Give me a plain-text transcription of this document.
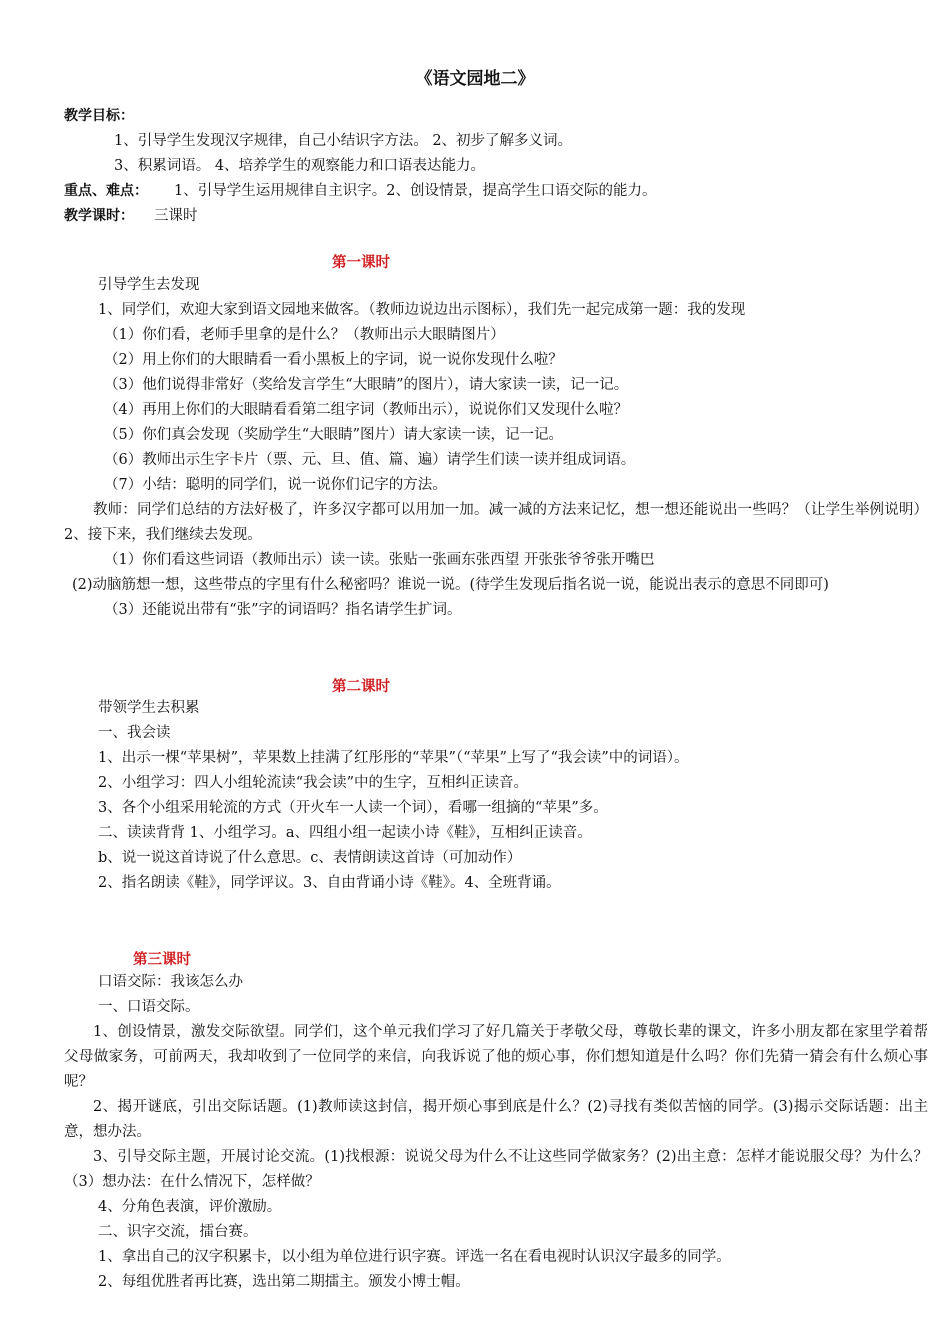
《语文园地二》
教学目标：
1、引导学生发现汉字规律，自己小结识字方法。 2、初步了解多义词。
3、积累词语。 4、培养学生的观察能力和口语表达能力。
重点、难点： 1、引导学生运用规律自主识字。2、创设情景，提高学生口语交际的能力。
教学课时： 三课时
第一课时
引导学生去发现
1、同学们，欢迎大家到语文园地来做客。（教师边说边出示图标），我们先一起完成第一题：我的发现
（1）你们看，老师手里拿的是什么？（教师出示大眼睛图片）
（2）用上你们的大眼睛看一看小黑板上的字词，说一说你发现什么啦？
（3）他们说得非常好（奖给发言学生“大眼睛”的图片），请大家读一读，记一记。
（4）再用上你们的大眼睛看看第二组字词（教师出示），说说你们又发现什么啦？
（5）你们真会发现（奖励学生“大眼睛”图片）请大家读一读，记一记。
（6）教师出示生字卡片（票、元、旦、值、篇、遍）请学生们读一读并组成词语。
（7）小结：聪明的同学们，说一说你们记字的方法。
教师：同学们总结的方法好极了，许多汉字都可以用加一加。减一减的方法来记忆，想一想还能说出一些吗？（让学生举例说明）2、接下来，我们继续去发现。
（1）你们看这些词语（教师出示）读一读。张贴一张画东张西望 开张张爷爷张开嘴巴
(2)动脑筋想一想，这些带点的字里有什么秘密吗？谁说一说。(待学生发现后指名说一说，能说出表示的意思不同即可)
（3）还能说出带有“张”字的词语吗？指名请学生扩词。
第二课时
带领学生去积累
一、我会读
1、出示一棵“苹果树”，苹果数上挂满了红彤彤的“苹果”（“苹果”上写了“我会读”中的词语）。
2、小组学习：四人小组轮流读“我会读”中的生字，互相纠正读音。
3、各个小组采用轮流的方式（开火车一人读一个词），看哪一组摘的“苹果”多。
二、读读背背 1、小组学习。a、四组小组一起读小诗《鞋》，互相纠正读音。
b、说一说这首诗说了什么意思。c、表情朗读这首诗（可加动作）
2、指名朗读《鞋》，同学评议。3、自由背诵小诗《鞋》。4、全班背诵。
第三课时
口语交际：我该怎么办
一、口语交际。
1、创设情景，激发交际欲望。同学们，这个单元我们学习了好几篇关于孝敬父母，尊敬长辈的课文，许多小朋友都在家里学着帮父母做家务，可前两天，我却收到了一位同学的来信，向我诉说了他的烦心事，你们想知道是什么吗？你们先猜一猜会有什么烦心事呢？
2、揭开谜底，引出交际话题。(1)教师读这封信，揭开烦心事到底是什么？(2)寻找有类似苦恼的同学。(3)揭示交际话题：出主意，想办法。
3、引导交际主题，开展讨论交流。(1)找根源：说说父母为什么不让这些同学做家务？(2)出主意：怎样才能说服父母？为什么？（3）想办法：在什么情况下，怎样做？
4、分角色表演，评价激励。
二、识字交流，擂台赛。
1、拿出自己的汉字积累卡，以小组为单位进行识字赛。评选一名在看电视时认识汉字最多的同学。
2、每组优胜者再比赛，选出第二期擂主。颁发小博士帽。
